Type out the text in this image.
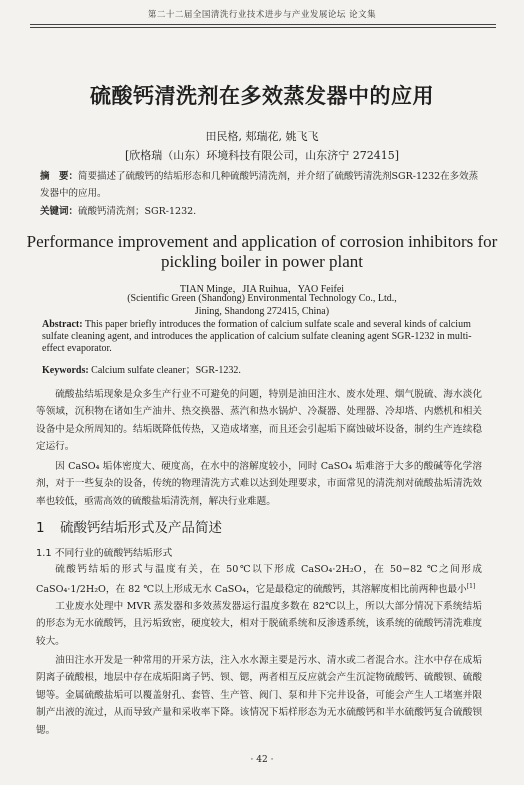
第二十二届全国清洗行业技术进步与产业发展论坛 论文集
硫酸钙清洗剂在多效蒸发器中的应用
田民格, 郏瑞花, 姚飞飞
[欣格瑞（山东）环境科技有限公司，山东济宁 272415]
摘　要：简要描述了硫酸钙的结垢形态和几种硫酸钙清洗剂，并介绍了硫酸钙清洗剂SGR-1232在多效蒸发器中的应用。
关键词：硫酸钙清洗剂；SGR-1232.
Performance improvement and application of corrosion inhibitors for pickling boiler in power plant
TIAN Minge，JIA Ruihua，YAO Feifei
(Scientific Green (Shandong) Environmental Technology Co., Ltd.,
Jining, Shandong 272415, China)
Abstract: This paper briefly introduces the formation of calcium sulfate scale and several kinds of calcium sulfate cleaning agent, and introduces the application of calcium sulfate cleaning agent SGR-1232 in multi-effect evaporator.
Keywords: Calcium sulfate cleaner；SGR-1232.
硫酸盐结垢现象是众多生产行业不可避免的问题，特别是油田注水、废水处理、烟气脱硫、海水淡化等领域，沉积物在诸如生产油井、热交换器、蒸汽和热水锅炉、冷凝器、处理器、冷却塔、内燃机和相关设备中是众所周知的。结垢既降低传热，又造成堵塞，而且还会引起垢下腐蚀破坏设备，制约生产连续稳定运行。
因 CaSO₄ 垢体密度大、硬度高，在水中的溶解度较小，同时 CaSO₄ 垢难溶于大多的酸碱等化学溶剂，对于一些复杂的设备，传统的物理清洗方式难以达到处理要求，市面常见的清洗剂对硫酸盐垢清洗效率也较低，亟需高效的硫酸盐垢清洗剂，解决行业难题。
1 硫酸钙结垢形式及产品简述
1.1 不同行业的硫酸钙结垢形式
硫酸钙结垢的形式与温度有关，在 50℃以下形成 CaSO₄·2H₂O，在 50−82 ℃之间形成 CaSO₄·1/2H₂O，在 82 ℃以上形成无水 CaSO₄，它是最稳定的硫酸钙，其溶解度相比前两种也最小[1]
工业废水处理中 MVR 蒸发器和多效蒸发器运行温度多数在 82℃以上，所以大部分情况下系统结垢的形态为无水硫酸钙，且污垢致密，硬度较大，相对于脱硫系统和反渗透系统，该系统的硫酸钙清洗难度较大。
油田注水开发是一种常用的开采方法，注入水水源主要是污水、清水或二者混合水。注水中存在成垢阴离子硫酸根，地层中存在成垢阳离子钙、钡、锶，两者相互反应就会产生沉淀物硫酸钙、硫酸钡、硫酸锶等。金属硫酸盐垢可以覆盖射孔、套管、生产管、阀门、泵和井下完井设备，可能会产生人工堵塞并限制产出液的流过，从而导致产量和采收率下降。该情况下垢样形态为无水硫酸钙和半水硫酸钙复合硫酸钡锶。
· 42 ·
